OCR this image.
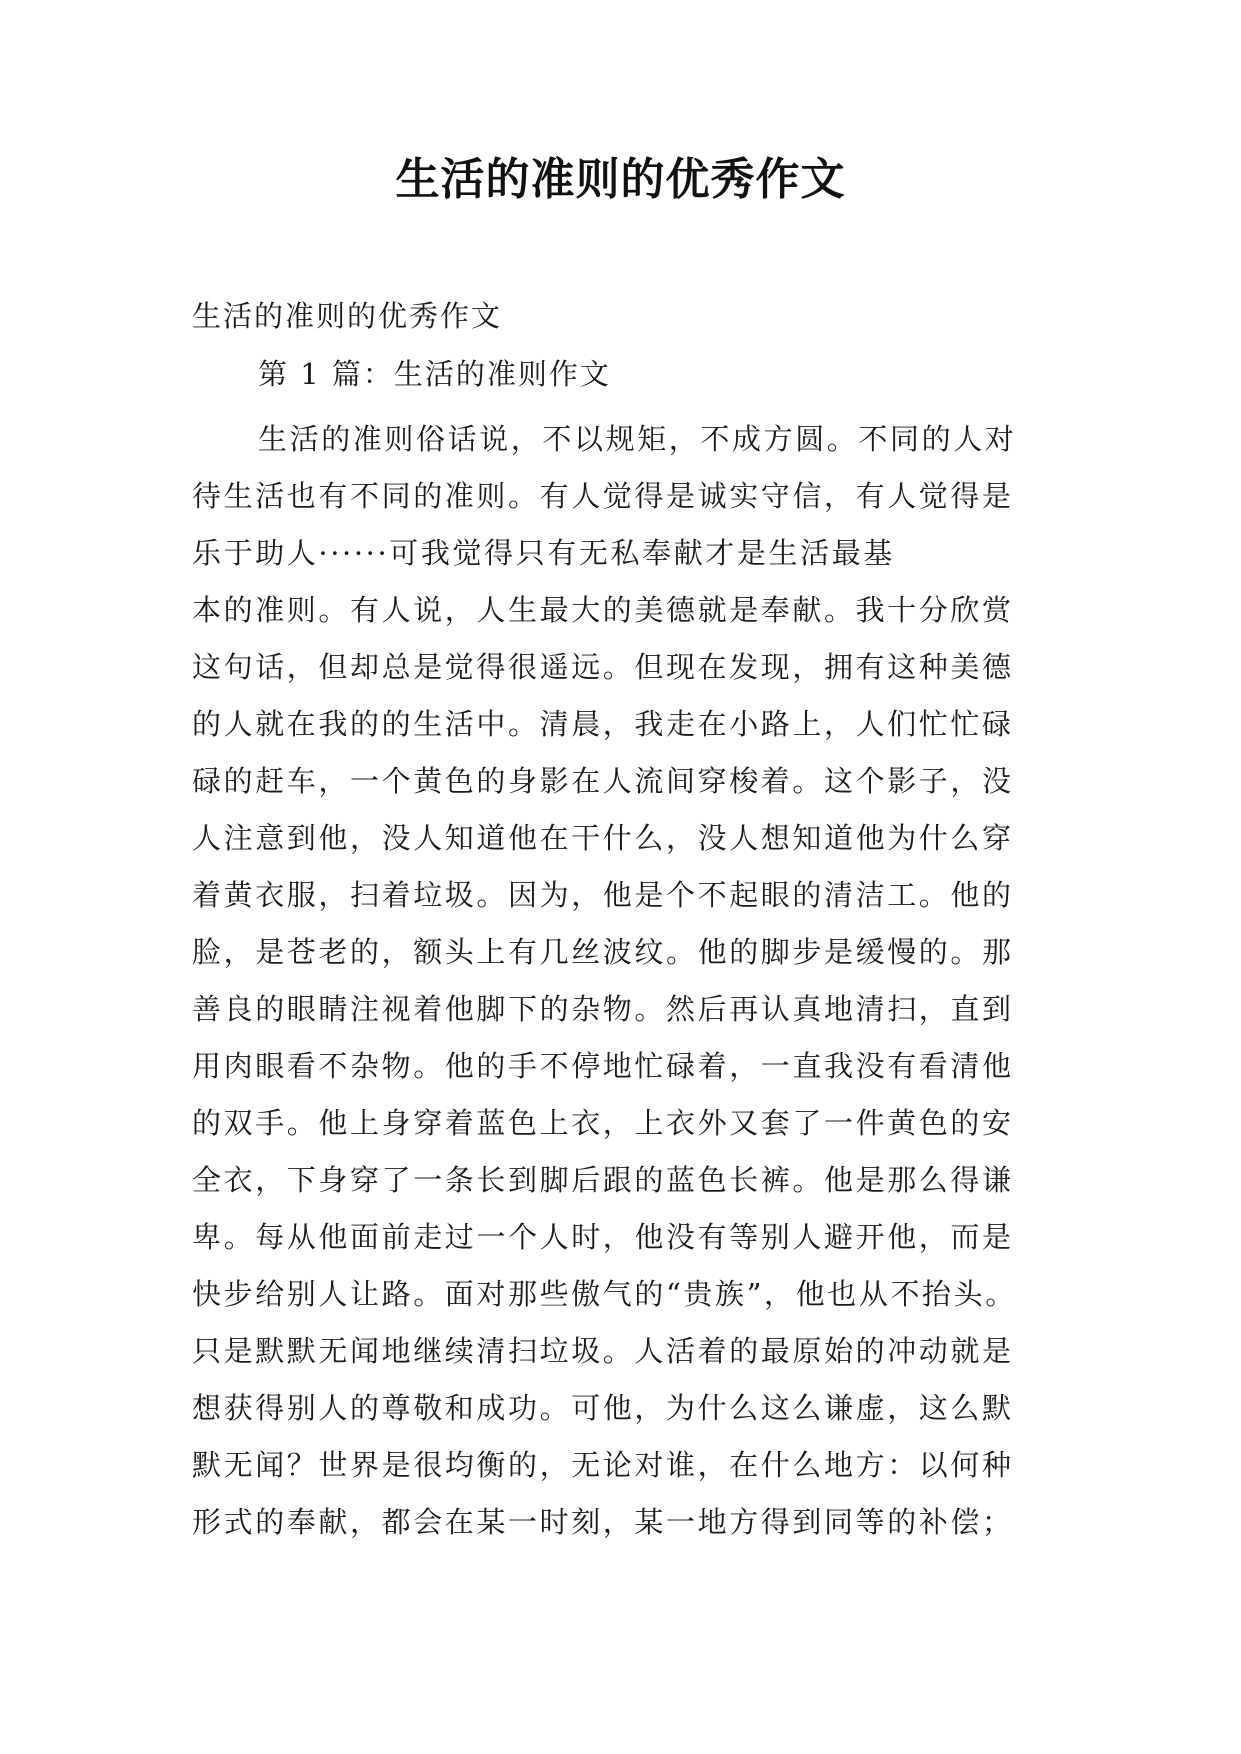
生活的准则的优秀作文
生活的准则的优秀作文
第 1 篇：生活的准则作文
生活的准则俗话说，不以规矩，不成方圆。不同的人对
待生活也有不同的准则。有人觉得是诚实守信，有人觉得是
乐于助人······可我觉得只有无私奉献才是生活最基
本的准则。有人说，人生最大的美德就是奉献。我十分欣赏
这句话，但却总是觉得很遥远。但现在发现，拥有这种美德
的人就在我的的生活中。清晨，我走在小路上，人们忙忙碌
碌的赶车，一个黄色的身影在人流间穿梭着。这个影子，没
人注意到他，没人知道他在干什么，没人想知道他为什么穿
着黄衣服，扫着垃圾。因为，他是个不起眼的清洁工。他的
脸，是苍老的，额头上有几丝波纹。他的脚步是缓慢的。那
善良的眼睛注视着他脚下的杂物。然后再认真地清扫，直到
用肉眼看不杂物。他的手不停地忙碌着，一直我没有看清他
的双手。他上身穿着蓝色上衣，上衣外又套了一件黄色的安
全衣，下身穿了一条长到脚后跟的蓝色长裤。他是那么得谦
卑。每从他面前走过一个人时，他没有等别人避开他，而是
快步给别人让路。面对那些傲气的“贵族”，他也从不抬头。
只是默默无闻地继续清扫垃圾。人活着的最原始的冲动就是
想获得别人的尊敬和成功。可他，为什么这么谦虚，这么默
默无闻？世界是很均衡的，无论对谁，在什么地方：以何种
形式的奉献，都会在某一时刻，某一地方得到同等的补偿；
